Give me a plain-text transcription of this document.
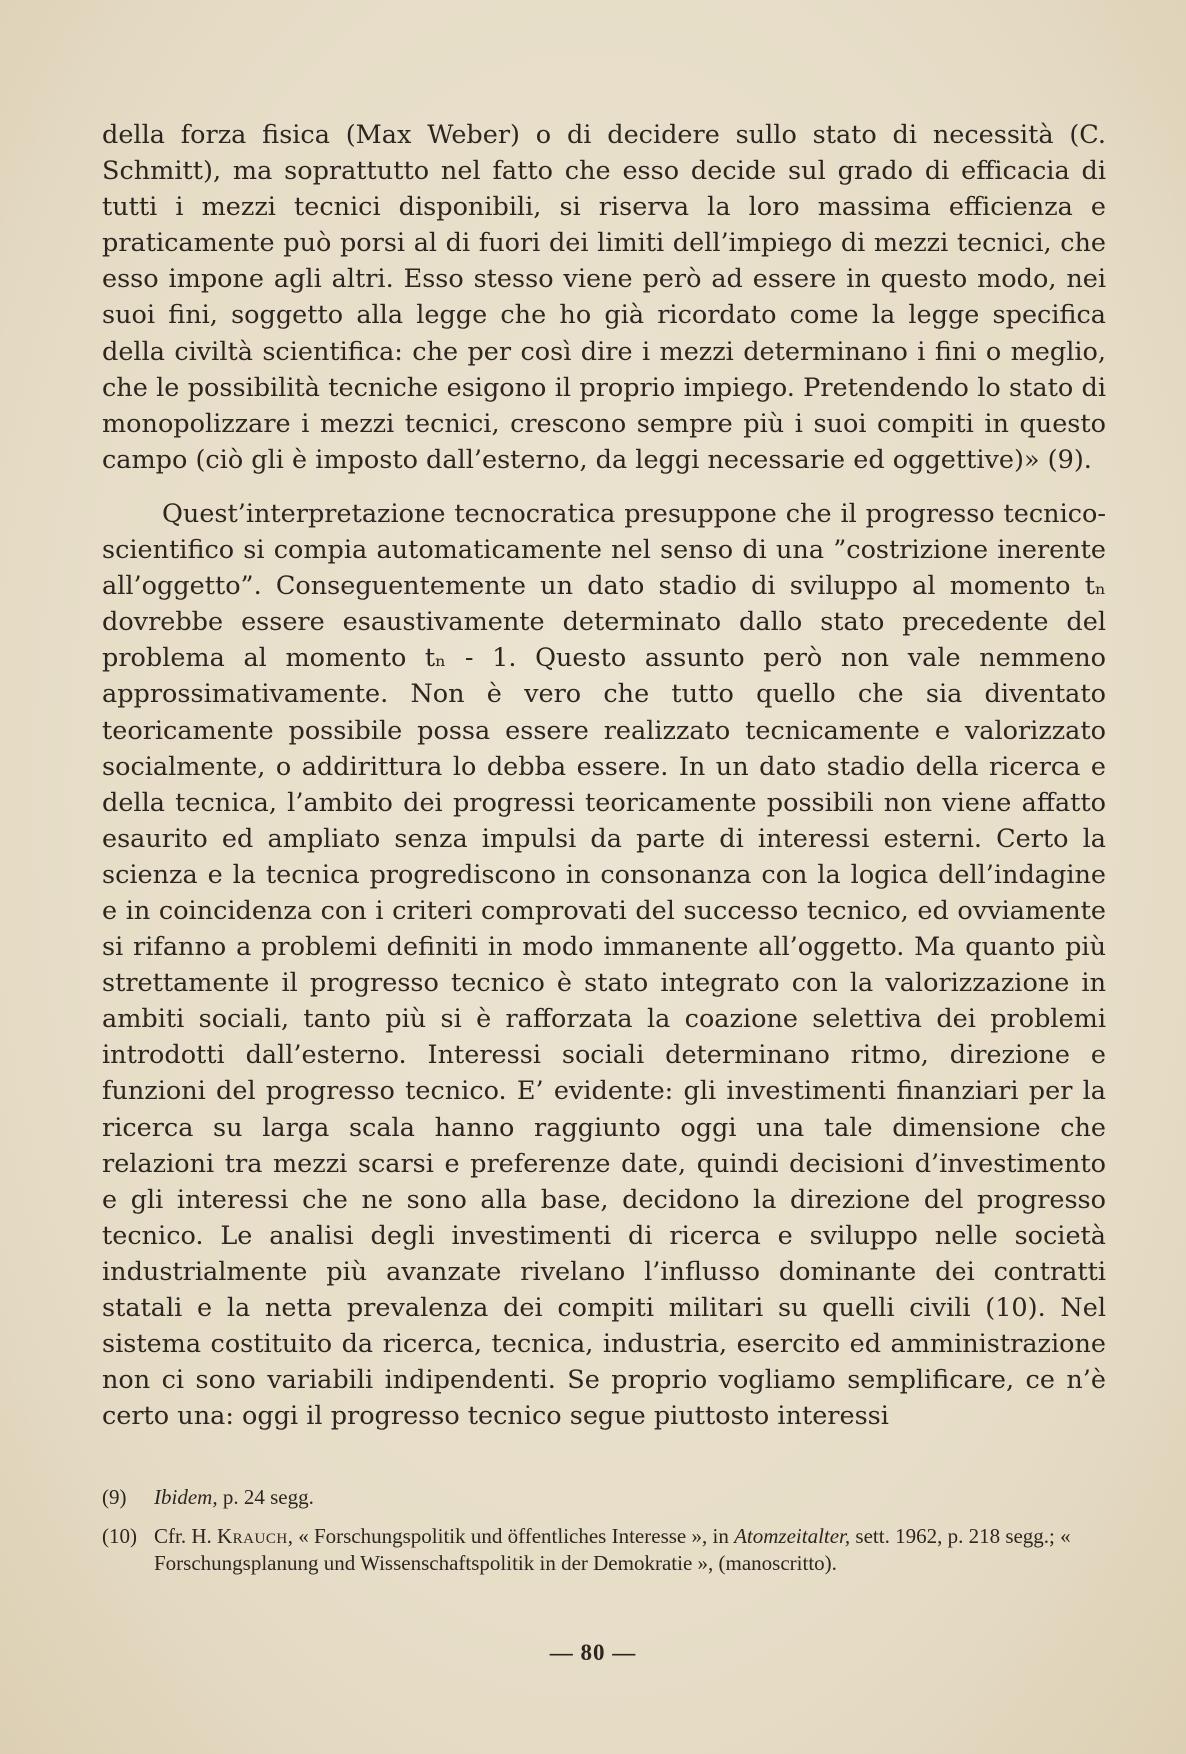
della forza fisica (Max Weber) o di decidere sullo stato di necessità (C. Schmitt), ma soprattutto nel fatto che esso decide sul grado di efficacia di tutti i mezzi tecnici disponibili, si riserva la loro massima efficienza e praticamente può porsi al di fuori dei limiti dell’impiego di mezzi tecnici, che esso impone agli altri. Esso stesso viene però ad essere in questo modo, nei suoi fini, soggetto alla legge che ho già ricordato come la legge specifica della civiltà scientifica: che per così dire i mezzi determinano i fini o meglio, che le possibilità tecniche esigono il proprio impiego. Pretendendo lo stato di monopolizzare i mezzi tecnici, crescono sempre più i suoi compiti in questo campo (ciò gli è imposto dall’esterno, da leggi necessarie ed oggettive)» (9).

Quest’interpretazione tecnocratica presuppone che il progresso tecnico-scientifico si compia automaticamente nel senso di una ”costrizione inerente all’oggetto”. Conseguentemente un dato stadio di sviluppo al momento tₙ dovrebbe essere esaustivamente determinato dallo stato precedente del problema al momento tₙ - 1. Questo assunto però non vale nemmeno approssimativamente. Non è vero che tutto quello che sia diventato teoricamente possibile possa essere realizzato tecnicamente e valorizzato socialmente, o addirittura lo debba essere. In un dato stadio della ricerca e della tecnica, l’ambito dei progressi teoricamente possibili non viene affatto esaurito ed ampliato senza impulsi da parte di interessi esterni. Certo la scienza e la tecnica progrediscono in consonanza con la logica dell’indagine e in coincidenza con i criteri comprovati del successo tecnico, ed ovviamente si rifanno a problemi definiti in modo immanente all’oggetto. Ma quanto più strettamente il progresso tecnico è stato integrato con la valorizzazione in ambiti sociali, tanto più si è rafforzata la coazione selettiva dei problemi introdotti dall’esterno. Interessi sociali determinano ritmo, direzione e funzioni del progresso tecnico. E’ evidente: gli investimenti finanziari per la ricerca su larga scala hanno raggiunto oggi una tale dimensione che relazioni tra mezzi scarsi e preferenze date, quindi decisioni d’investimento e gli interessi che ne sono alla base, decidono la direzione del progresso tecnico. Le analisi degli investimenti di ricerca e sviluppo nelle società industrialmente più avanzate rivelano l’influsso dominante dei contratti statali e la netta prevalenza dei compiti militari su quelli civili (10). Nel sistema costituito da ricerca, tecnica, industria, esercito ed amministrazione non ci sono variabili indipendenti. Se proprio vogliamo semplificare, ce n’è certo una: oggi il progresso tecnico segue piuttosto interessi

(9)	Ibidem, p. 24 segg.
(10) Cfr. H. Krauch, « Forschungspolitik und öffentliches Interesse », in Atomzeitalter, sett. 1962, p. 218 segg.; « Forschungsplanung und Wissenschaftspolitik in der Demokratie », (manoscritto).
— 80 —
